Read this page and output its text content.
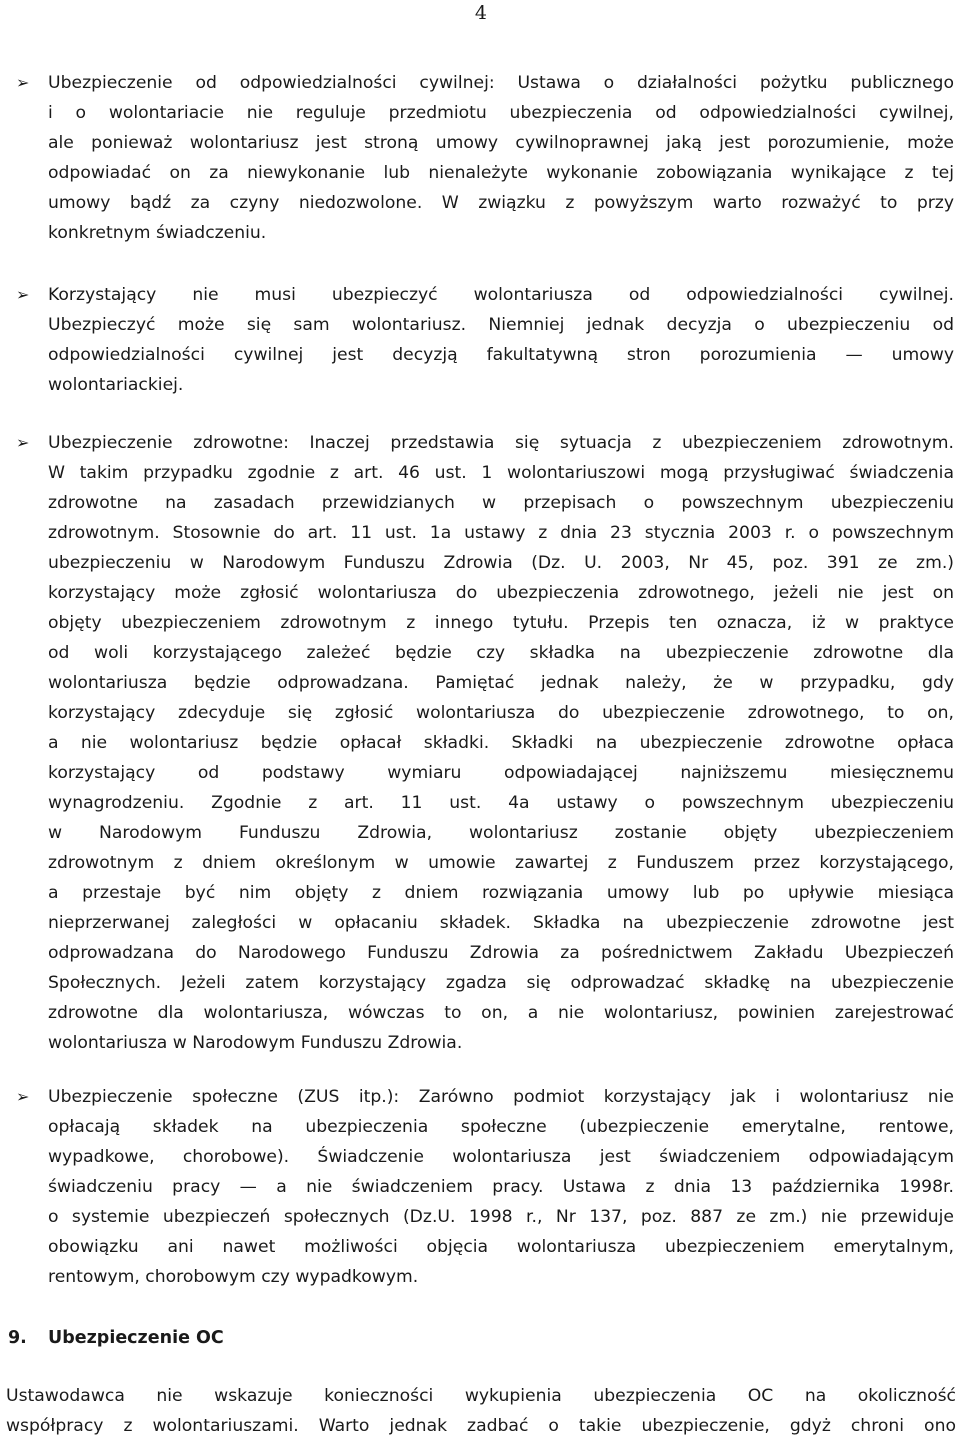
4
➢	Ubezpieczenie od odpowiedzialności cywilnej: Ustawa o działalności pożytku publicznego
i o wolontariacie nie reguluje przedmiotu ubezpieczenia od odpowiedzialności cywilnej,
ale ponieważ wolontariusz jest stroną umowy cywilnoprawnej jaką jest porozumienie, może
odpowiadać on za niewykonanie lub nienależyte wykonanie zobowiązania wynikające z tej
umowy bądź za czyny niedozwolone. W związku z powyższym warto rozważyć to przy
konkretnym świadczeniu.
➢	Korzystający nie musi ubezpieczyć wolontariusza od odpowiedzialności cywilnej.
Ubezpieczyć może się sam wolontariusz. Niemniej jednak decyzja o ubezpieczeniu od
odpowiedzialności cywilnej jest decyzją fakultatywną stron porozumienia — umowy
wolontariackiej.
➢	Ubezpieczenie zdrowotne: Inaczej przedstawia się sytuacja z ubezpieczeniem zdrowotnym.
W takim przypadku zgodnie z art. 46 ust. 1 wolontariuszowi mogą przysługiwać świadczenia
zdrowotne na zasadach przewidzianych w przepisach o powszechnym ubezpieczeniu
zdrowotnym. Stosownie do art. 11 ust. 1a ustawy z dnia 23 stycznia 2003 r. o powszechnym
ubezpieczeniu w Narodowym Funduszu Zdrowia (Dz. U. 2003, Nr 45, poz. 391 ze zm.)
korzystający może zgłosić wolontariusza do ubezpieczenia zdrowotnego, jeżeli nie jest on
objęty ubezpieczeniem zdrowotnym z innego tytułu. Przepis ten oznacza, iż w praktyce
od woli korzystającego zależeć będzie czy składka na ubezpieczenie zdrowotne dla
wolontariusza będzie odprowadzana. Pamiętać jednak należy, że w przypadku, gdy
korzystający zdecyduje się zgłosić wolontariusza do ubezpieczenie zdrowotnego, to on,
a nie wolontariusz będzie opłacał składki. Składki na ubezpieczenie zdrowotne opłaca
korzystający od podstawy wymiaru odpowiadającej najniższemu miesięcznemu
wynagrodzeniu. Zgodnie z art. 11 ust. 4a ustawy o powszechnym ubezpieczeniu
w Narodowym Funduszu Zdrowia, wolontariusz zostanie objęty ubezpieczeniem
zdrowotnym z dniem określonym w umowie zawartej z Funduszem przez korzystającego,
a przestaje być nim objęty z dniem rozwiązania umowy lub po upływie miesiąca
nieprzerwanej zaległości w opłacaniu składek. Składka na ubezpieczenie zdrowotne jest
odprowadzana do Narodowego Funduszu Zdrowia za pośrednictwem Zakładu Ubezpieczeń
Społecznych. Jeżeli zatem korzystający zgadza się odprowadzać składkę na ubezpieczenie
zdrowotne dla wolontariusza, wówczas to on, a nie wolontariusz, powinien zarejestrować
wolontariusza w Narodowym Funduszu Zdrowia.
➢	Ubezpieczenie społeczne (ZUS itp.): Zarówno podmiot korzystający jak i wolontariusz nie
opłacają składek na ubezpieczenia społeczne (ubezpieczenie emerytalne, rentowe,
wypadkowe, chorobowe). Świadczenie wolontariusza jest świadczeniem odpowiadającym
świadczeniu pracy — a nie świadczeniem pracy. Ustawa z dnia 13 października 1998r.
o systemie ubezpieczeń społecznych (Dz.U. 1998 r., Nr 137, poz. 887 ze zm.) nie przewiduje
obowiązku ani nawet możliwości objęcia wolontariusza ubezpieczeniem emerytalnym,
rentowym, chorobowym czy wypadkowym.
9. Ubezpieczenie OC
Ustawodawca nie wskazuje konieczności wykupienia ubezpieczenia OC na okoliczność
współpracy z wolontariuszami. Warto jednak zadbać o takie ubezpieczenie, gdyż chroni ono
